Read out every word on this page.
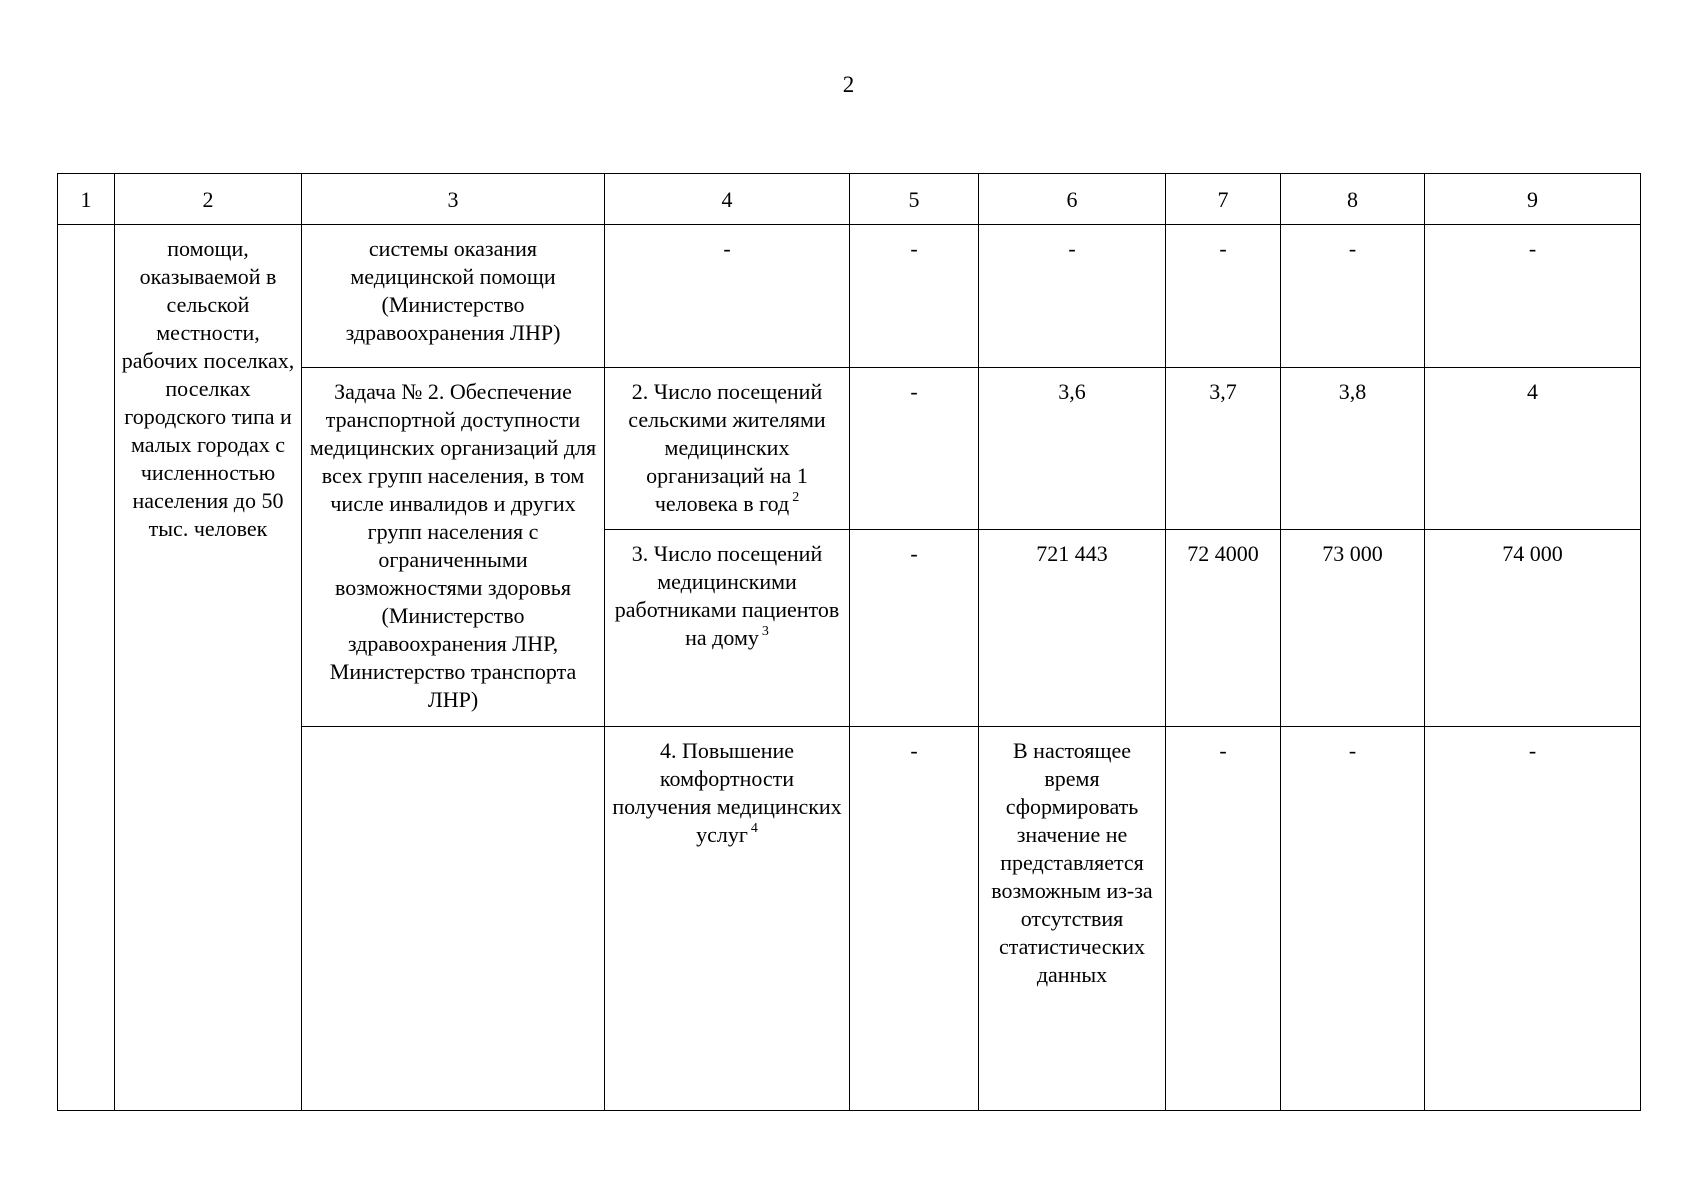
2
1	2	3	4	5	6	7	8	9
	помощи, оказываемой в сельской местности, рабочих поселках, поселках городского типа и малых городах с численностью населения до 50 тыс. человек	системы оказания медицинской помощи (Министерство здравоохранения ЛНР)	-	-	-	-	-	-
		Задача № 2. Обеспечение транспортной доступности медицинских организаций для всех групп населения, в том числе инвалидов и других групп населения с ограниченными возможностями здоровья (Министерство здравоохранения ЛНР, Министерство транспорта ЛНР)	2. Число посещений сельскими жителями медицинских организаций на 1 человека в год $^2$	-	3,6	3,7	3,8	4
			3. Число посещений медицинскими работниками пациентов на дому $^3$	-	721 443	72 4000	73 000	74 000
			4. Повышение комфортности получения медицинских услуг $^4$	-	В настоящее время сформировать значение не представляется возможным из-за отсутствия статистических данных	-	-	-
